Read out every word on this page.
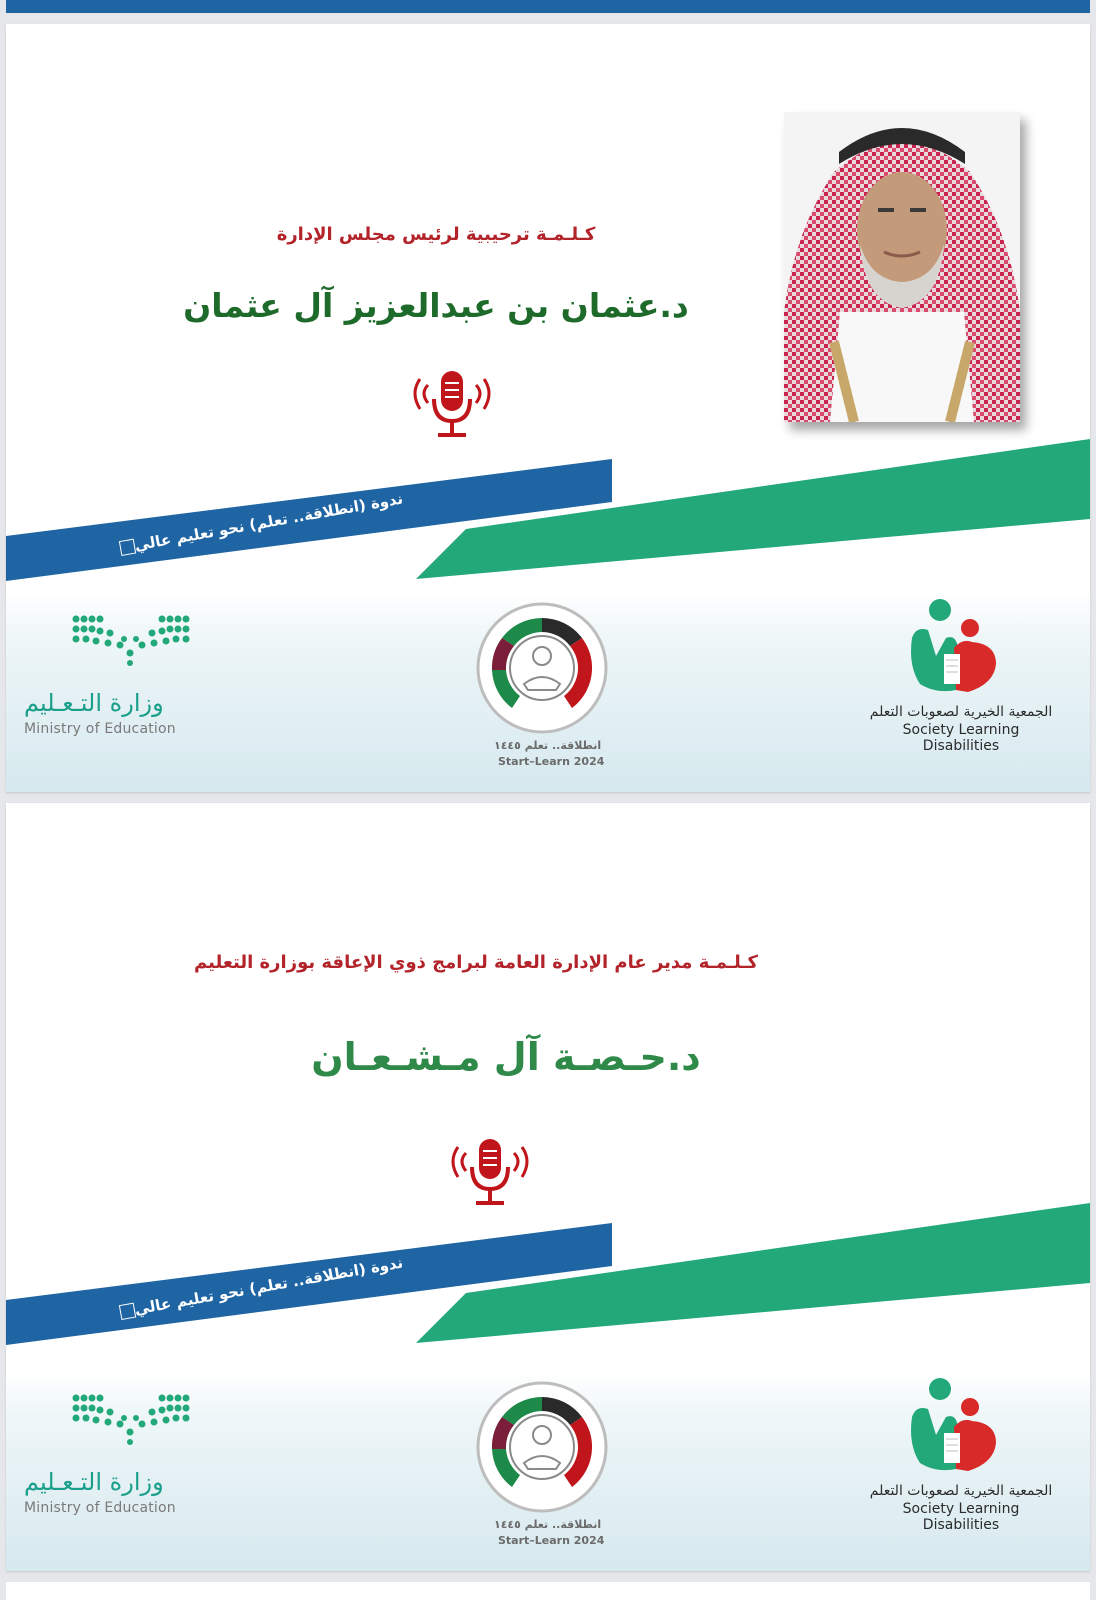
كـلـمـة ترحيبية لرئيس مجلس الإدارة
د.عثمان بن عبدالعزيز آل عثمان
ندوة (انطلاقة.. تعلم) نحو تعليم عالي
وزارة التـعـليم
Ministry of Education
انطلاقة.. تعلم ١٤٤٥
Start–Learn 2024
الجمعية الخيرية لصعوبات التعلم
Society Learning Disabilities
كـلـمـة مدير عام الإدارة العامة لبرامج ذوي الإعاقة بوزارة التعليم
د.حـصـة آل مـشـعـان
ندوة (انطلاقة.. تعلم) نحو تعليم عالي
وزارة التـعـليم
Ministry of Education
انطلاقة.. تعلم ١٤٤٥
Start–Learn 2024
الجمعية الخيرية لصعوبات التعلم
Society Learning Disabilities
